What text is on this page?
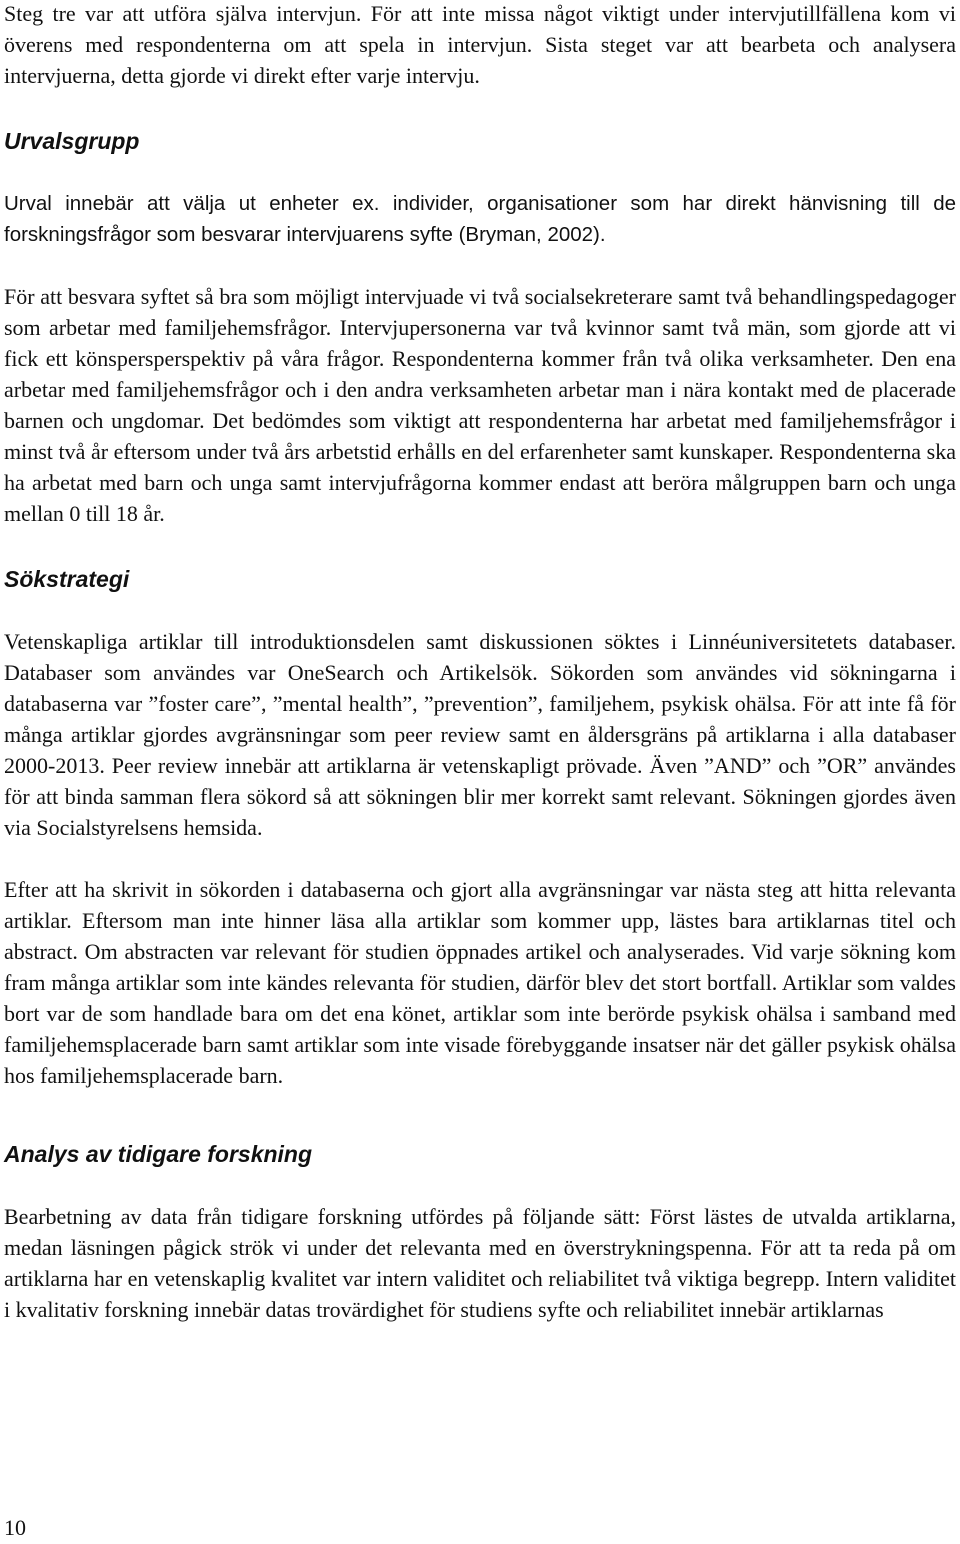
Steg tre var att utföra själva intervjun. För att inte missa något viktigt under intervjutillfällena kom vi överens med respondenterna om att spela in intervjun. Sista steget var att bearbeta och analysera intervjuerna, detta gjorde vi direkt efter varje intervju.

Urvalsgrupp

Urval innebär att välja ut enheter ex. individer, organisationer som har direkt hänvisning till de forskningsfrågor som besvarar intervjuarens syfte (Bryman, 2002).

För att besvara syftet så bra som möjligt intervjuade vi två socialsekreterare samt två behandlingspedagoger som arbetar med familjehemsfrågor. Intervjupersonerna var två kvinnor samt två män, som gjorde att vi fick ett könspersperspektiv på våra frågor. Respondenterna kommer från två olika verksamheter. Den ena arbetar med familjehemsfrågor och i den andra verksamheten arbetar man i nära kontakt med de placerade barnen och ungdomar. Det bedömdes som viktigt att respondenterna har arbetat med familjehemsfrågor i minst två år eftersom under två års arbetstid erhålls en del erfarenheter samt kunskaper. Respondenterna ska ha arbetat med barn och unga samt intervjufrågorna kommer endast att beröra målgruppen barn och unga mellan 0 till 18 år.

Sökstrategi

Vetenskapliga artiklar till introduktionsdelen samt diskussionen söktes i Linnéuniversitetets databaser. Databaser som användes var OneSearch och Artikelsök. Sökorden som användes vid sökningarna i databaserna var ”foster care”, ”mental health”, ”prevention”, familjehem, psykisk ohälsa. För att inte få för många artiklar gjordes avgränsningar som peer review samt en åldersgräns på artiklarna i alla databaser 2000-2013. Peer review innebär att artiklarna är vetenskapligt prövade. Även ”AND” och ”OR” användes för att binda samman flera sökord så att sökningen blir mer korrekt samt relevant. Sökningen gjordes även via Socialstyrelsens hemsida.

Efter att ha skrivit in sökorden i databaserna och gjort alla avgränsningar var nästa steg att hitta relevanta artiklar. Eftersom man inte hinner läsa alla artiklar som kommer upp, lästes bara artiklarnas titel och abstract. Om abstracten var relevant för studien öppnades artikel och analyserades. Vid varje sökning kom fram många artiklar som inte kändes relevanta för studien, därför blev det stort bortfall. Artiklar som valdes bort var de som handlade bara om det ena könet, artiklar som inte berörde psykisk ohälsa i samband med familjehemsplacerade barn samt artiklar som inte visade förebyggande insatser när det gäller psykisk ohälsa hos familjehemsplacerade barn.

Analys av tidigare forskning

Bearbetning av data från tidigare forskning utfördes på följande sätt: Först lästes de utvalda artiklarna, medan läsningen pågick strök vi under det relevanta med en överstrykningspenna. För att ta reda på om artiklarna har en vetenskaplig kvalitet var intern validitet och reliabilitet två viktiga begrepp. Intern validitet i kvalitativ forskning innebär datas trovärdighet för studiens syfte och reliabilitet innebär artiklarnas

10
